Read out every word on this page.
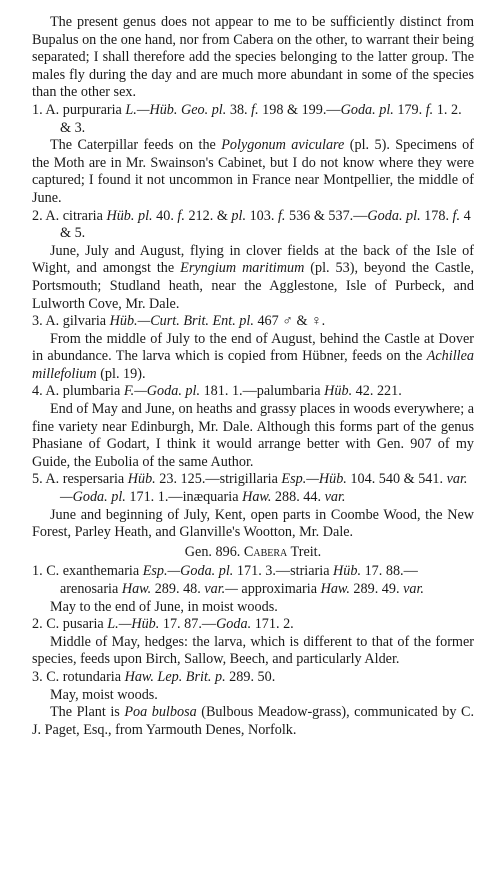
The present genus does not appear to me to be sufficiently distinct from Bupalus on the one hand, nor from Cabera on the other, to warrant their being separated; I shall therefore add the species belonging to the latter group. The males fly during the day and are much more abundant in some of the species than the other sex.

1. A. purpuraria L.—Hüb. Geo. pl. 38. f. 198 & 199.—Goda. pl. 179. f. 1. 2. & 3.

The Caterpillar feeds on the Polygonum aviculare (pl. 5). Specimens of the Moth are in Mr. Swainson's Cabinet, but I do not know where they were captured; I found it not uncommon in France near Montpellier, the middle of June.

2. A. citraria Hüb. pl. 40. f. 212. & pl. 103. f. 536 & 537.—Goda. pl. 178. f. 4 & 5.

June, July and August, flying in clover fields at the back of the Isle of Wight, and amongst the Eryngium maritimum (pl. 53), beyond the Castle, Portsmouth; Studland heath, near the Agglestone, Isle of Purbeck, and Lulworth Cove, Mr. Dale.

3. A. gilvaria Hüb.—Curt. Brit. Ent. pl. 467 ♂ & ♀.

From the middle of July to the end of August, behind the Castle at Dover in abundance. The larva which is copied from Hübner, feeds on the Achillea millefolium (pl. 19).

4. A. plumbaria F.—Goda. pl. 181. 1.—palumbaria Hüb. 42. 221.

End of May and June, on heaths and grassy places in woods everywhere; a fine variety near Edinburgh, Mr. Dale. Although this forms part of the genus Phasiane of Godart, I think it would arrange better with Gen. 907 of my Guide, the Eubolia of the same Author.

5. A. respersaria Hüb. 23. 125.—strigillaria Esp.—Hüb. 104. 540 & 541. var.—Goda. pl. 171. 1.—inæquaria Haw. 288. 44. var.

June and beginning of July, Kent, open parts in Coombe Wood, the New Forest, Parley Heath, and Glanville's Wootton, Mr. Dale.

Gen. 896. Cabera Treit.

1. C. exanthemaria Esp.—Goda. pl. 171. 3.—striaria Hüb. 17. 88.—arenosaria Haw. 289. 48. var.— approximaria Haw. 289. 49. var.

May to the end of June, in moist woods.

2. C. pusaria L.—Hüb. 17. 87.—Goda. 171. 2.

Middle of May, hedges: the larva, which is different to that of the former species, feeds upon Birch, Sallow, Beech, and particularly Alder.

3. C. rotundaria Haw. Lep. Brit. p. 289. 50.

May, moist woods.

The Plant is Poa bulbosa (Bulbous Meadow-grass), communicated by C. J. Paget, Esq., from Yarmouth Denes, Norfolk.
